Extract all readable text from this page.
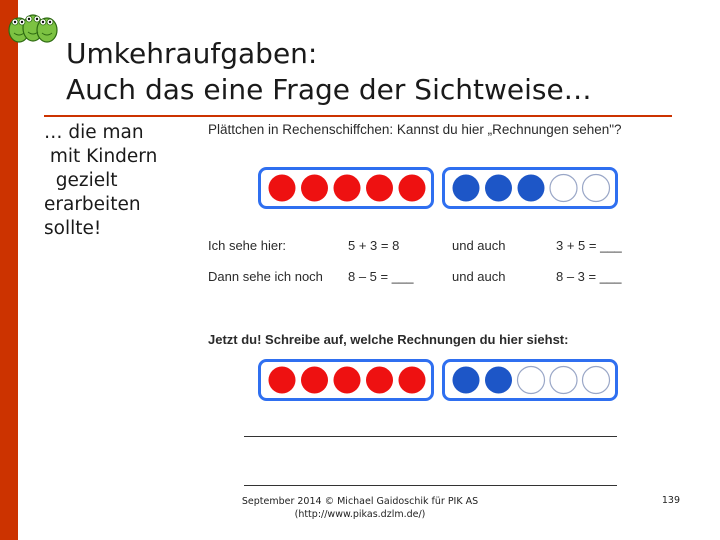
Umkehraufgaben:
Auch das eine Frage der Sichtweise…
… die man
mit Kindern
gezielt
erarbeiten
sollte!
Plättchen in Rechenschiffchen: Kannst du hier „Rechnungen sehen"?
Ich sehe hier:	5 + 3 = 8	und auch	3 + 5 = ___
Dann sehe ich noch 8 – 5 = ___	und auch	8 – 3 = ___
Jetzt du! Schreibe auf, welche Rechnungen du hier siehst:
September 2014 © Michael Gaidoschik für PIK AS
(http://www.pikas.dzlm.de/)
139
